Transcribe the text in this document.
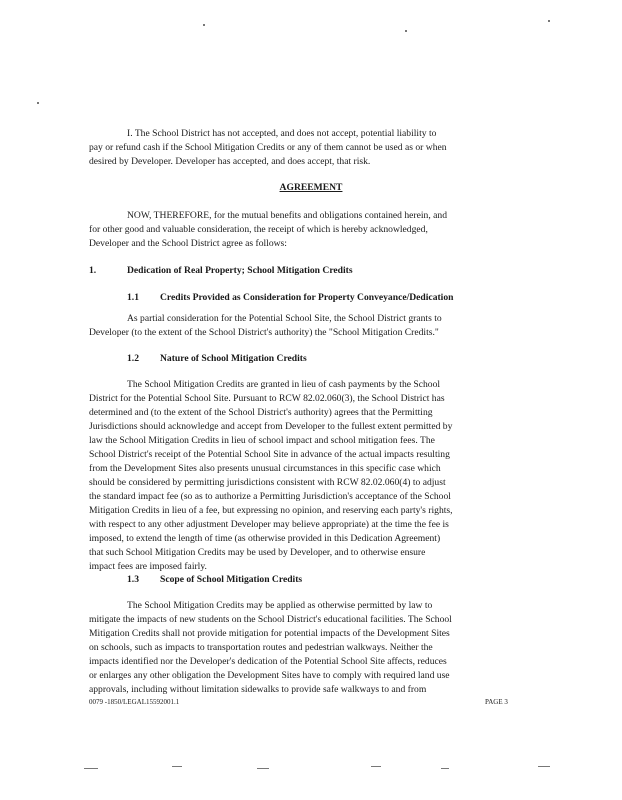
I. The School District has not accepted, and does not accept, potential liability to

pay or refund cash if the School Mitigation Credits or any of them cannot be used as or when

desired by Developer. Developer has accepted, and does accept, that risk.

AGREEMENT

NOW, THEREFORE, for the mutual benefits and obligations contained herein, and

for other good and valuable consideration, the receipt of which is hereby acknowledged,

Developer and the School District agree as follows:

1.	Dedication of Real Property; School Mitigation Credits

1.1 Credits Provided as Consideration for Property Conveyance/Dedication

As partial consideration for the Potential School Site, the School District grants to

Developer (to the extent of the School District's authority) the "School Mitigation Credits."

1.2 Nature of School Mitigation Credits

The School Mitigation Credits are granted in lieu of cash payments by the School

District for the Potential School Site. Pursuant to RCW 82.02.060(3), the School District has

determined and (to the extent of the School District's authority) agrees that the Permitting

Jurisdictions should acknowledge and accept from Developer to the fullest extent permitted by

law the School Mitigation Credits in lieu of school impact and school mitigation fees. The

School District's receipt of the Potential School Site in advance of the actual impacts resulting

from the Development Sites also presents unusual circumstances in this specific case which

should be considered by permitting jurisdictions consistent with RCW 82.02.060(4) to adjust

the standard impact fee (so as to authorize a Permitting Jurisdiction's acceptance of the School

Mitigation Credits in lieu of a fee, but expressing no opinion, and reserving each party's rights,

with respect to any other adjustment Developer may believe appropriate) at the time the fee is

imposed, to extend the length of time (as otherwise provided in this Dedication Agreement)

that such School Mitigation Credits may be used by Developer, and to otherwise ensure

impact fees are imposed fairly.

1.3 Scope of School Mitigation Credits

The School Mitigation Credits may be applied as otherwise permitted by law to

mitigate the impacts of new students on the School District's educational facilities. The School

Mitigation Credits shall not provide mitigation for potential impacts of the Development Sites

on schools, such as impacts to transportation routes and pedestrian walkways. Neither the

impacts identified nor the Developer's dedication of the Potential School Site affects, reduces

or enlarges any other obligation the Development Sites have to comply with required land use

approvals, including without limitation sidewalks to provide safe walkways to and from

0079 -1850/LEGAL15592001.1	PAGE 3
